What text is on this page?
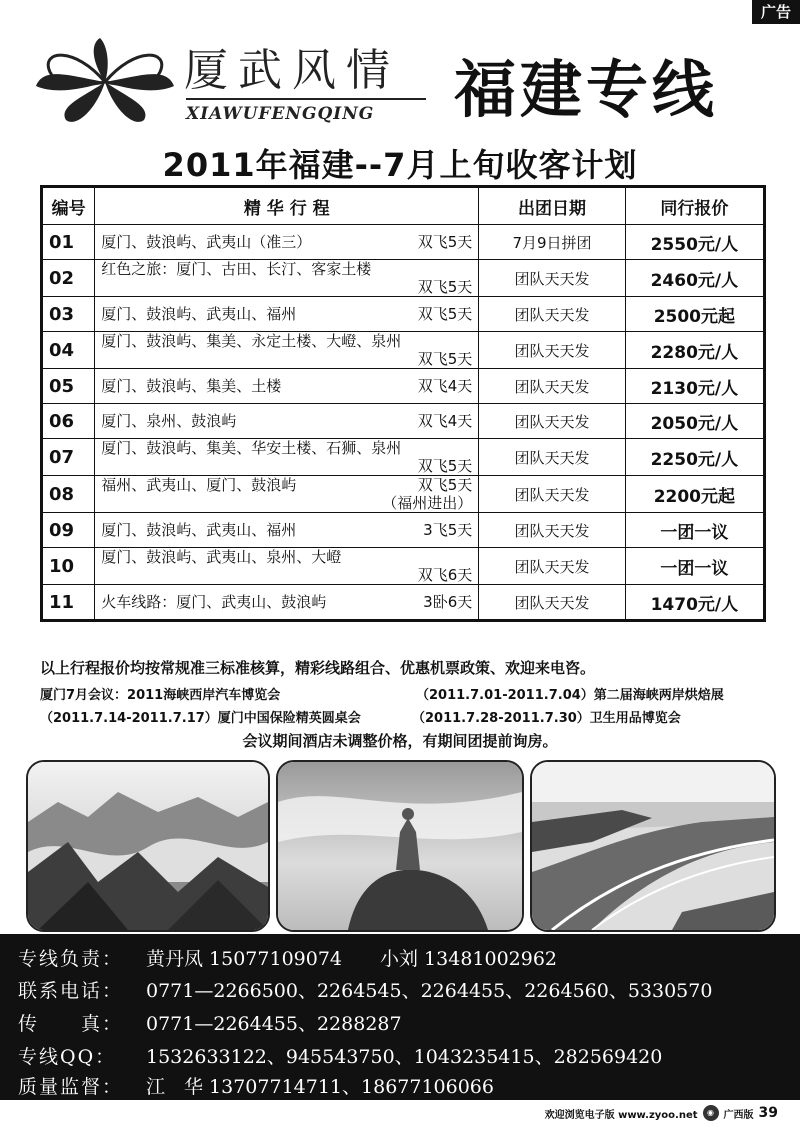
广告
厦武风情
XIAWUFENGQING 福建专线
2011年福建--7月上旬收客计划
编号	精 华 行 程	出团日期	同行报价
01	厦门、鼓浪屿、武夷山（准三） 双飞5天	7月9日拼团	2550元/人
02	红色之旅：厦门、古田、长汀、客家土楼
双飞5天	团队天天发	2460元/人
03	厦门、鼓浪屿、武夷山、福州 双飞5天	团队天天发	2500元起
04	厦门、鼓浪屿、集美、永定土楼、大嶝、泉州
双飞5天	团队天天发	2280元/人
05	厦门、鼓浪屿、集美、土楼 双飞4天	团队天天发	2130元/人
06	厦门、泉州、鼓浪屿 双飞4天	团队天天发	2050元/人
07	厦门、鼓浪屿、集美、华安土楼、石狮、泉州
双飞5天	团队天天发	2250元/人
08	福州、武夷山、厦门、鼓浪屿 双飞5天
（福州进出）	团队天天发	2200元起
09	厦门、鼓浪屿、武夷山、福州 3飞5天	团队天天发	一团一议
10	厦门、鼓浪屿、武夷山、泉州、大嶝
双飞6天	团队天天发	一团一议
11	火车线路：厦门、武夷山、鼓浪屿 3卧6天	团队天天发	1470元/人
以上行程报价均按常规准三标准核算，精彩线路组合、优惠机票政策、欢迎来电咨。
厦门7月会议：2011海峡西岸汽车博览会	（2011.7.01-2011.7.04）第二届海峡两岸烘焙展
（2011.7.14-2011.7.17）厦门中国保险精英圆桌会	（2011.7.28-2011.7.30）卫生用品博览会
会议期间酒店未调整价格，有期间团提前询房。
专线负责： 黄丹凤 15077109074　　小刘 13481002962
联系电话： 0771—2266500、2264545、2264455、2264560、5330570
传　　真： 0771—2264455、2288287
专线QQ： 1532633122、945543750、1043235415、282569420
质量监督： 江　华 13707714711、18677106066
欢迎浏览电子版 www.zyoo.net	◉ 广西版 39
